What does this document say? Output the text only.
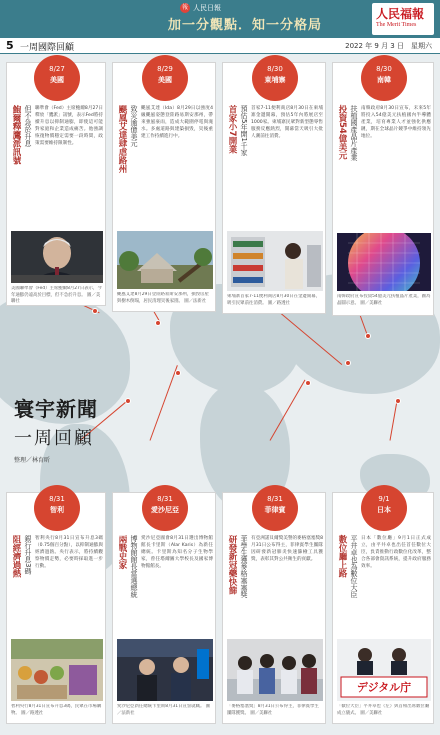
報 人民日報
加一分觀點．知一分格局
人民福報
The Merit Times
5 一周國際回顧	2022 年 9 月 3 日　星期六
寰宇新聞
一周回顧
整理／林育昕
8/27
美國
鮑爾釋鷹派訊號 但不急於升息 聯準會（Fed）主席鮑爾8月27日釋放「鷹派」訊號，表示Fed將持續升息以抑制通膨，即使這可能對家庭和企業造成痛苦。他強調恢復物價穩定需要一段時間，政策需要維持限制性。
美國聯準會（Fed）主席鮑爾8月27日表示，今年通膨仍遠高於目標，但不急於升息。 圖／美聯社
8/29
美國
颶風艾達肆虐路州 致災逾億美元 颶風艾達（Ida）8月29日以強度4級颶風姿態登陸路易斯安那州，帶來強風豪雨，造成大範圍停電與淹水。多處道路與建築損毀，災後重建工作持續進行中。
颶風艾達8月29日登陸路易斯安那州，損毀房屋與樹木倒塌，居民清理災後家園。 圖／法新社
8/30
東埔寨
首家小7開業 預估5年開1千家 首家7-11便利商店8月30日在柬埔寨金邊開幕，預估5年內將展店至1000家。柬埔寨民眾對新型態零售服務反應熱烈，開幕當天吸引大批人潮前往消費。
柬埔寨首家7-11便利商店8月30日在金邊開幕，吸引民眾前往消費。 圖／路透社
8/30
南韓
投資54億美元 扶植國產晶片產業 南韓政府8月30日宣布，未來5年將投入54億美元扶植國內半導體產業，培育專業人才並強化供應鏈，期在全球晶片競爭中維持領先地位。
南韓政府宣布投資54億美元扶植晶片產業，圖為晶圓示意。 圖／美聯社
8/31
智利
阻經濟過熱 銀行升息3碼 智利央行8月31日宣布升息3碼（0.75個百分點），以抑制通膨與經濟過熱。央行表示，將持續觀察物價走勢，必要時採取進一步行動。
智利央行8月31日宣布升息3碼，民眾在市場購物。 圖／路透社
8/31
愛沙尼亞
兩戰史家 博物館館長當選總統 愛沙尼亞國會8月31日選出博物館館長卡里斯（Alar Karis）為新任總統。卡里斯為知名分子生物學家，曾任塔爾圖大學校長及國家博物館館長。
愛沙尼亞新任總統卡里斯8月31日宣誓就職。 圖／法新社
8/31
菲律賓
研發新冠藥快篩 菲學生獲麥格塞塞獎 有亞洲諾貝爾獎美譽的麥格塞塞獎8月31日公布得主，菲律賓學生團隊因研發新冠肺炎快速篩檢工具獲獎，表彰其對公共衛生的貢獻。
「麥格塞塞獎」8月31日公布得主，菲律賓學生團隊獲獎。 圖／美聯社
9/1
日本
數位廳上路 平井卓也為數位大臣 日本「數位廳」9月1日正式成立，由平井卓也出任首任數位大臣，負責推動行政數位化改革，整合各部會資訊系統，提升政府服務效率。
デジタル庁
「數位大臣」平井卓也（左）與首相出席數位廳成立儀式。 圖／美聯社
